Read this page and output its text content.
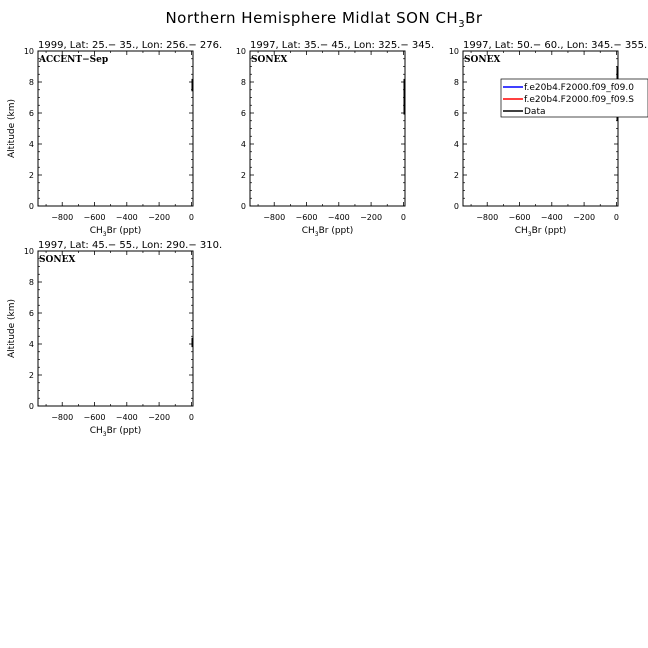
Northern Hemisphere Midlat SON $CH_3Br$
1999, Lat: 25.− 35., Lon: 256.− 276.
ACCENT−Sep
−800 −600 −400 −200 0
0
2
4
6
8
10
$CH_3Br$ (ppt)
Altitude (km)
1997, Lat: 35.− 45., Lon: 325.− 345.
SONEX
−800 −600 −400 −200 0
0
2
4
6
8
10
$CH_3Br$ (ppt)
1997, Lat: 50.− 60., Lon: 345.− 355.
SONEX
−800 −600 −400 −200 0
0
2
4
6
8
10
$CH_3Br$ (ppt)
1997, Lat: 45.− 55., Lon: 290.− 310.
SONEX
−800 −600 −400 −200 0
0
2
4
6
8
10
$CH_3Br$ (ppt)
Altitude (km)
f.e20b4.F2000.f09_f09.0
f.e20b4.F2000.f09_f09.S
Data
